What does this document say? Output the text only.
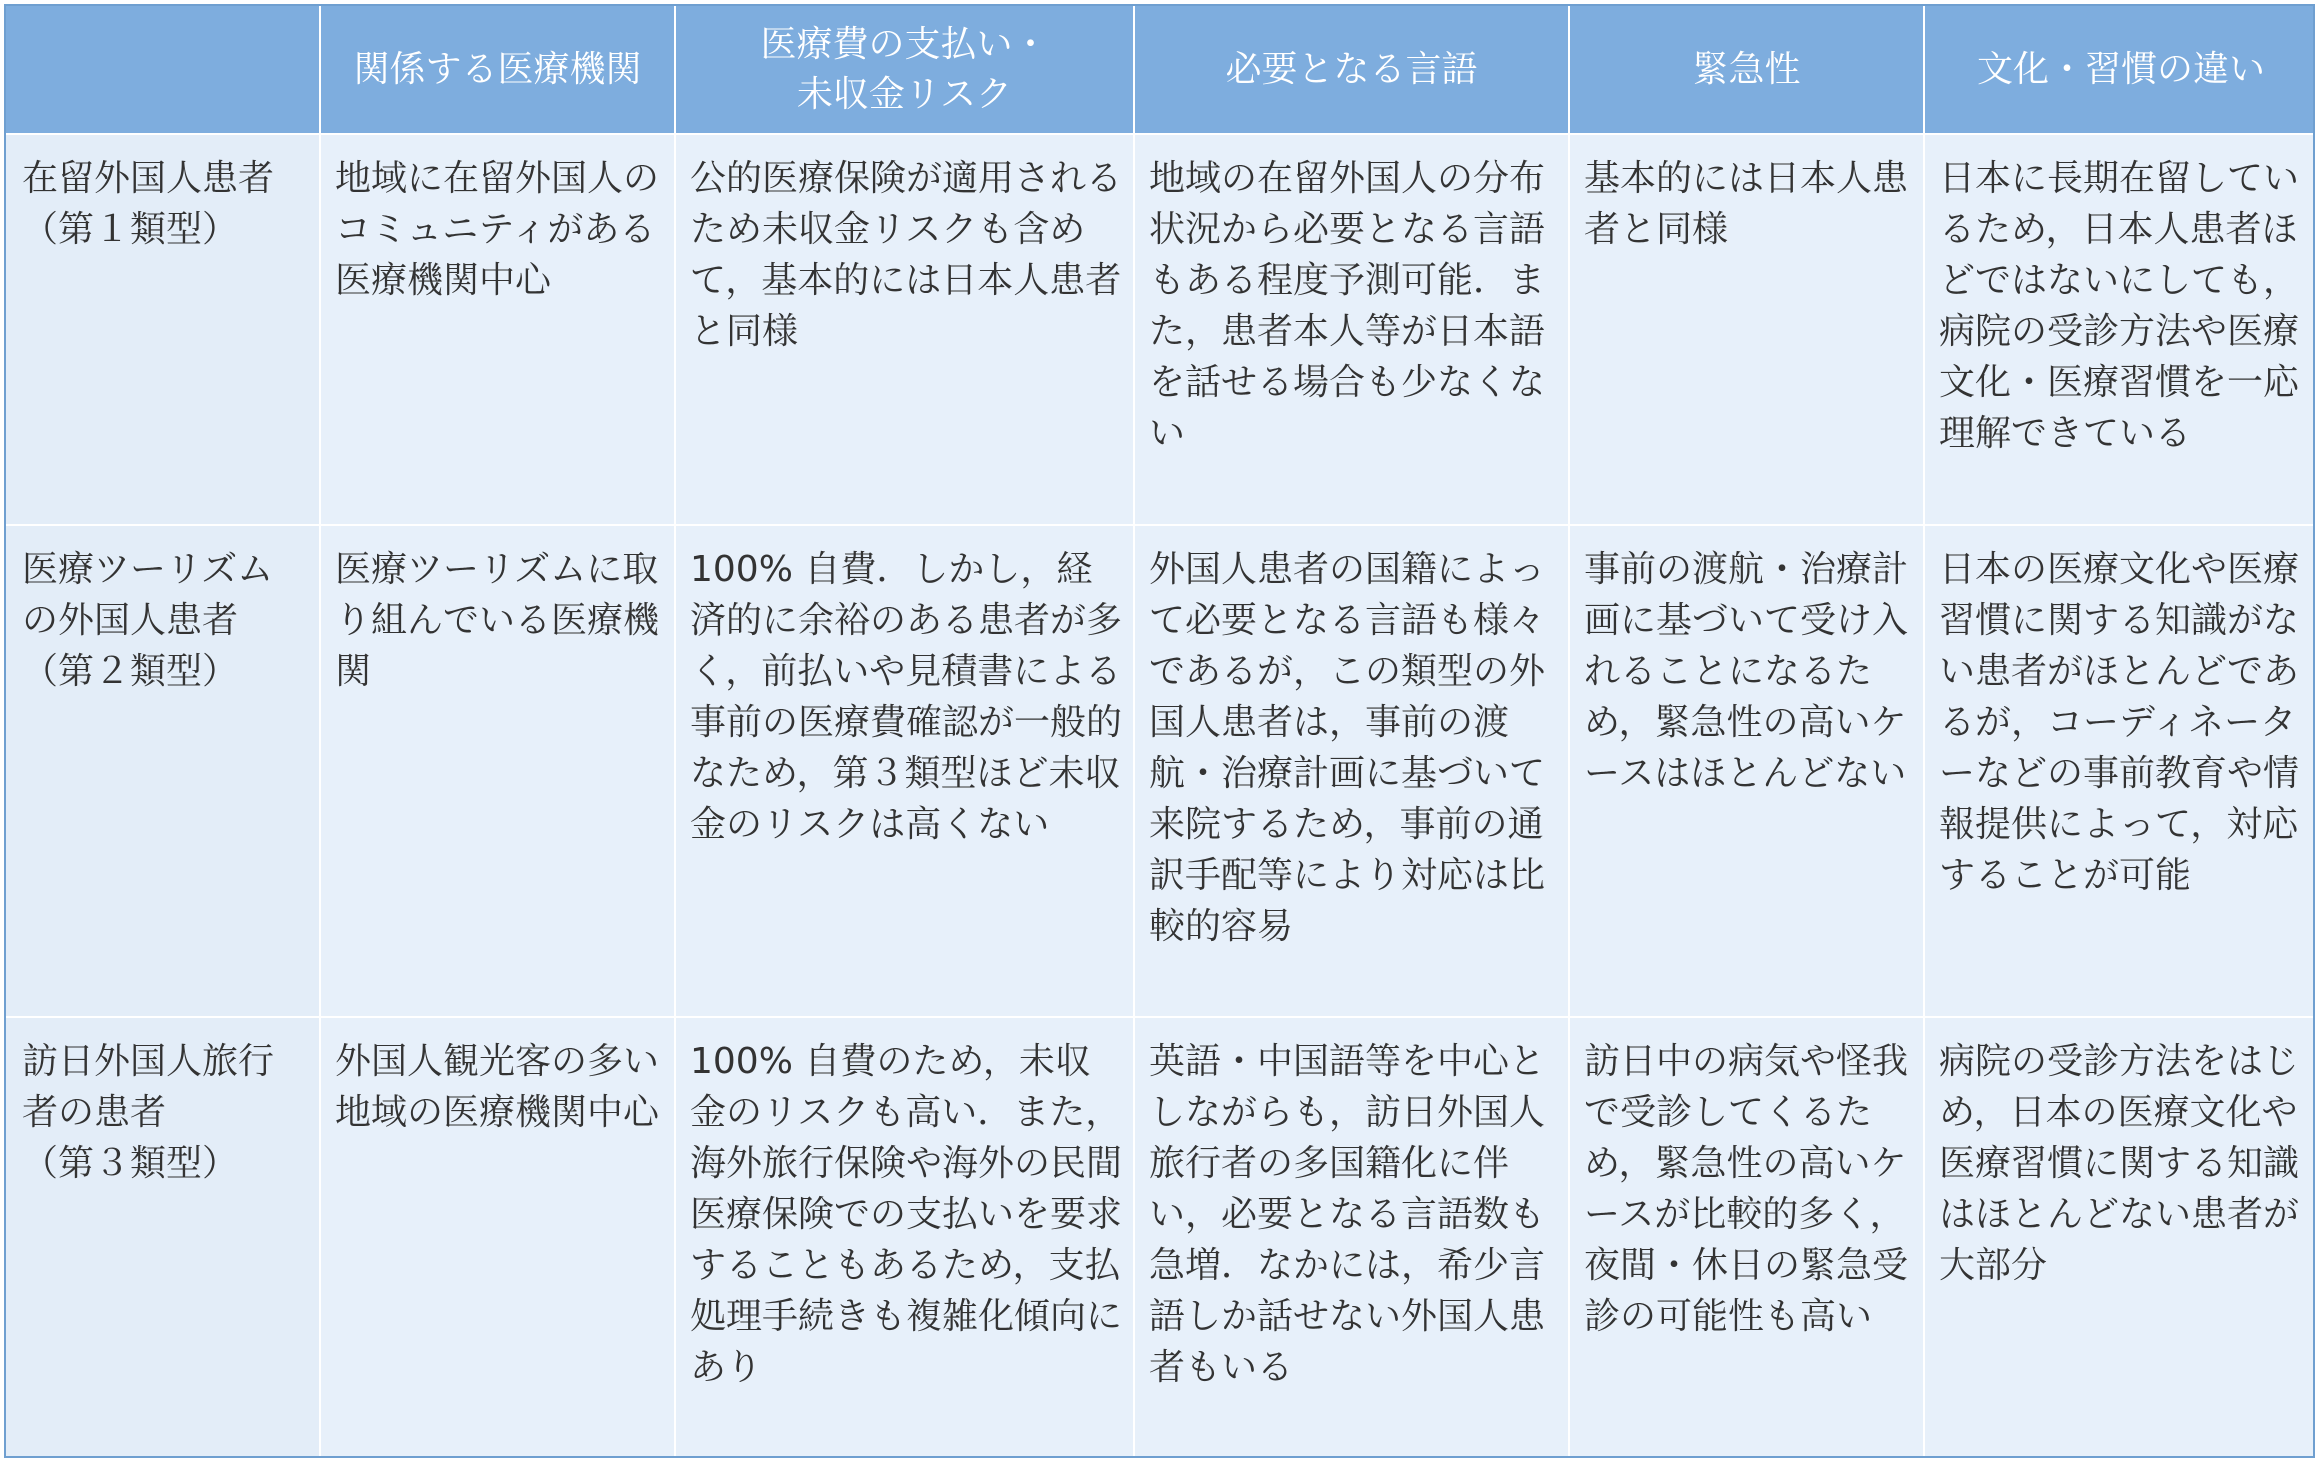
	関係する医療機関	医療費の支払い・
未収金リスク	必要となる言語	緊急性	文化・習慣の違い
在留外国人患者
（第１類型）	地域に在留外国人のコミュニティがある医療機関中心	公的医療保険が適用されるため未収金リスクも含めて，基本的には日本人患者と同様	地域の在留外国人の分布状況から必要となる言語もある程度予測可能．また，患者本人等が日本語を話せる場合も少なくない	基本的には日本人患者と同様	日本に長期在留しているため，日本人患者ほどではないにしても，病院の受診方法や医療文化・医療習慣を一応理解できている
医療ツーリズムの外国人患者
（第２類型）	医療ツーリズムに取り組んでいる医療機関	100% 自費．しかし，経済的に余裕のある患者が多く，前払いや見積書による事前の医療費確認が一般的なため，第３類型ほど未収金のリスクは高くない	外国人患者の国籍によって必要となる言語も様々であるが，この類型の外国人患者は，事前の渡航・治療計画に基づいて来院するため，事前の通訳手配等により対応は比較的容易	事前の渡航・治療計画に基づいて受け入れることになるため，緊急性の高いケースはほとんどない	日本の医療文化や医療習慣に関する知識がない患者がほとんどであるが，コーディネーターなどの事前教育や情報提供によって，対応することが可能
訪日外国人旅行者の患者
（第３類型）	外国人観光客の多い地域の医療機関中心	100% 自費のため，未収金のリスクも高い．また，海外旅行保険や海外の民間医療保険での支払いを要求することもあるため，支払処理手続きも複雑化傾向にあり	英語・中国語等を中心としながらも，訪日外国人旅行者の多国籍化に伴い，必要となる言語数も急増．なかには，希少言語しか話せない外国人患者もいる	訪日中の病気や怪我で受診してくるため，緊急性の高いケースが比較的多く，夜間・休日の緊急受診の可能性も高い	病院の受診方法をはじめ，日本の医療文化や医療習慣に関する知識はほとんどない患者が大部分
